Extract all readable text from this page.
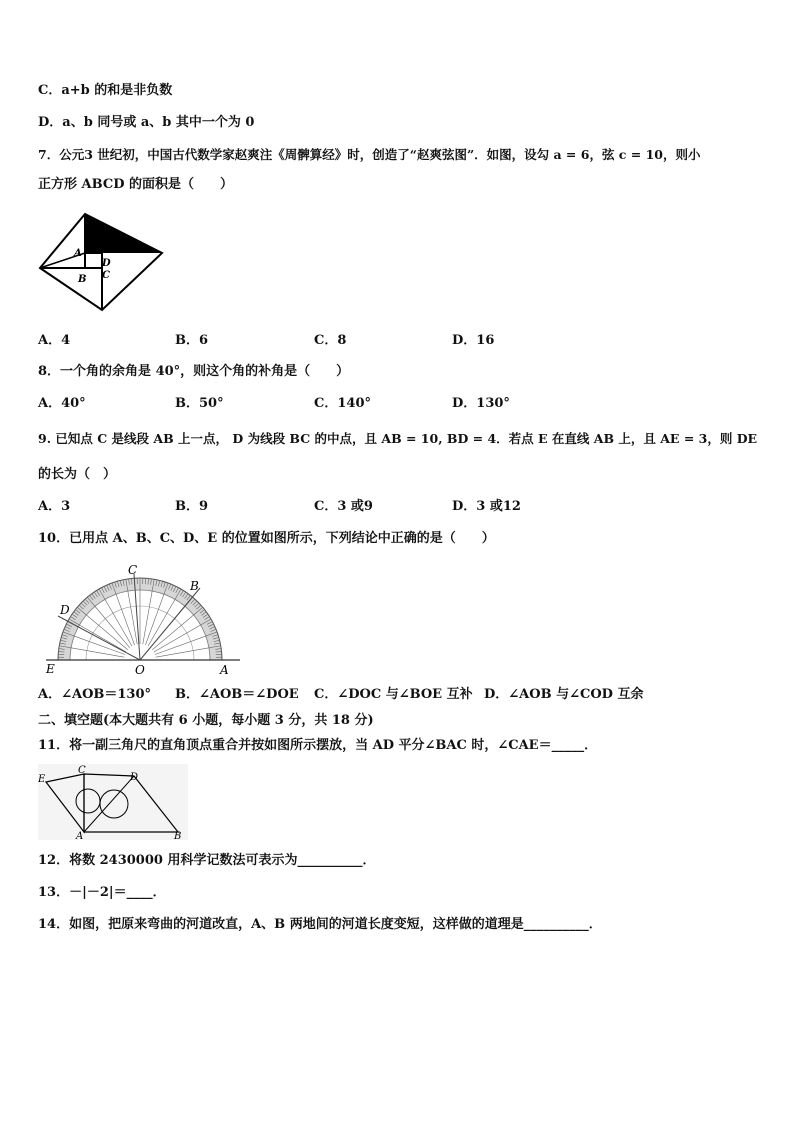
C．a+b 的和是非负数
D．a、b 同号或 a、b 其中一个为 0
7．公元3 世纪初，中国古代数学家赵爽注《周髀算经》时，创造了“赵爽弦图”．如图，设勾 a = 6，弦 c = 10，则小
正方形 ABCD 的面积是（　　）
弦(c)
A
B
D
C
A．4	B．6	C．8	D．16
8．一个角的余角是 40°，则这个角的补角是（　　）
A．40°	B．50°	C．140°	D．130°
9. 已知点 C 是线段 AB 上一点， D 为线段 BC 的中点，且 AB = 10, BD = 4．若点 E 在直线 AB 上，且 AE = 3，则 DE
的长为（　）
A．3	B．9	C．3 或9	D．3 或12
10．已用点 A、B、C、D、E 的位置如图所示，下列结论中正确的是（　　）
C
B
D
E	O	A
A．∠AOB＝130° B．∠AOB＝∠DOE C．∠DOC 与∠BOE 互补 D．∠AOB 与∠COD 互余
二、填空题(本大题共有 6 小题，每小题 3 分，共 18 分)
11．将一副三角尺的直角顶点重合并按如图所示摆放，当 AD 平分∠BAC 时，∠CAE＝_____．
E
C
D
A	B
12．将数 2430000 用科学记数法可表示为__________．
13．－|－2|＝____．
14．如图，把原来弯曲的河道改直，A、B 两地间的河道长度变短，这样做的道理是__________．
